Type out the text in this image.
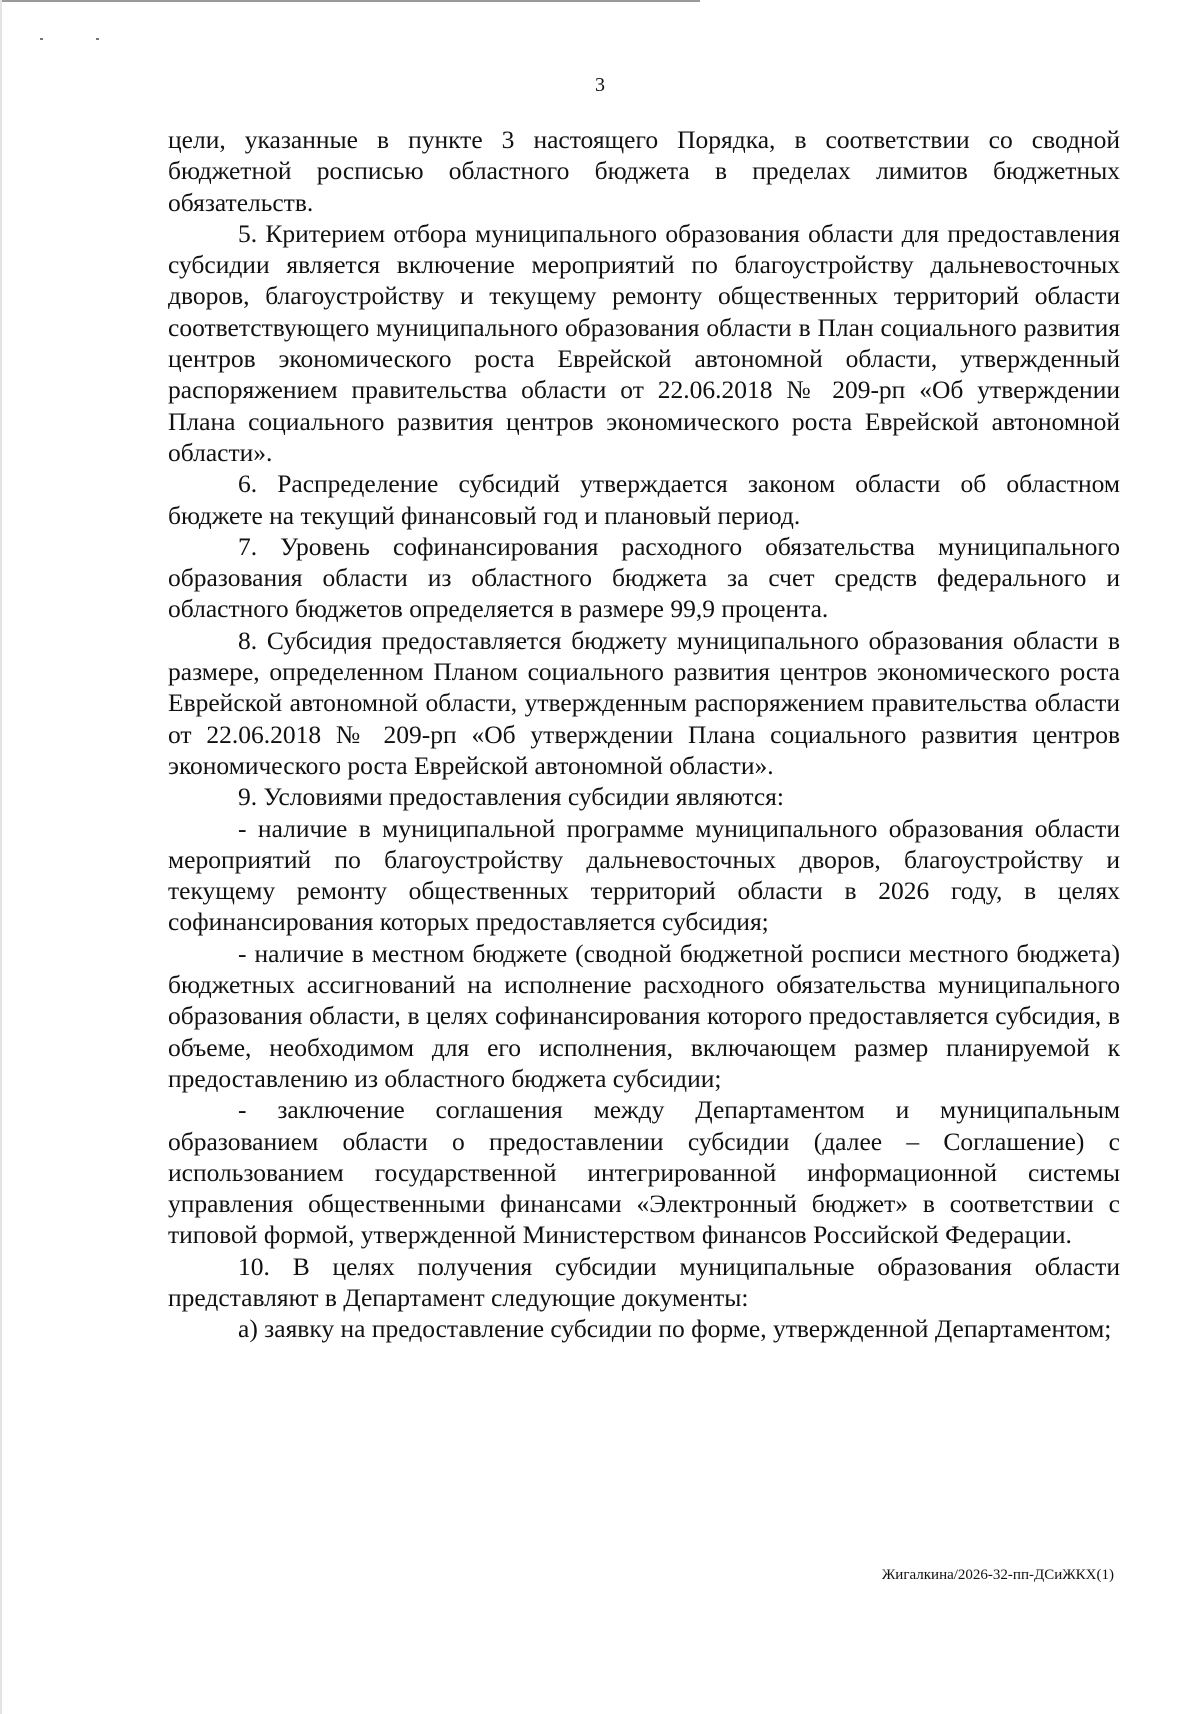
3

цели, указанные в пункте 3 настоящего Порядка, в соответствии со сводной бюджетной росписью областного бюджета в пределах лимитов бюджетных обязательств.

5. Критерием отбора муниципального образования области для предоставления субсидии является включение мероприятий по благоустройству дальневосточных дворов, благоустройству и текущему ремонту общественных территорий области соответствующего муниципального образования области в План социального развития центров экономического роста Еврейской автономной области, утвержденный распоряжением правительства области от 22.06.2018 № 209-рп «Об утверждении Плана социального развития центров экономического роста Еврейской автономной области».

6. Распределение субсидий утверждается законом области об областном бюджете на текущий финансовый год и плановый период.

7. Уровень софинансирования расходного обязательства муниципального образования области из областного бюджета за счет средств федерального и областного бюджетов определяется в размере 99,9 процента.

8. Субсидия предоставляется бюджету муниципального образования области в размере, определенном Планом социального развития центров экономического роста Еврейской автономной области, утвержденным распоряжением правительства области от 22.06.2018 № 209-рп «Об утверждении Плана социального развития центров экономического роста Еврейской автономной области».

9. Условиями предоставления субсидии являются:

- наличие в муниципальной программе муниципального образования области мероприятий по благоустройству дальневосточных дворов, благоустройству и текущему ремонту общественных территорий области в 2026 году, в целях софинансирования которых предоставляется субсидия;

- наличие в местном бюджете (сводной бюджетной росписи местного бюджета) бюджетных ассигнований на исполнение расходного обязательства муниципального образования области, в целях софинансирования которого предоставляется субсидия, в объеме, необходимом для его исполнения, включающем размер планируемой к предоставлению из областного бюджета субсидии;

- заключение соглашения между Департаментом и муниципальным образованием области о предоставлении субсидии (далее – Соглашение) с использованием государственной интегрированной информационной системы управления общественными финансами «Электронный бюджет» в соответствии с типовой формой, утвержденной Министерством финансов Российской Федерации.

10. В целях получения субсидии муниципальные образования области представляют в Департамент следующие документы:

а) заявку на предоставление субсидии по форме, утвержденной Департаментом;

Жигалкина/2026-32-пп-ДСиЖКХ(1)
